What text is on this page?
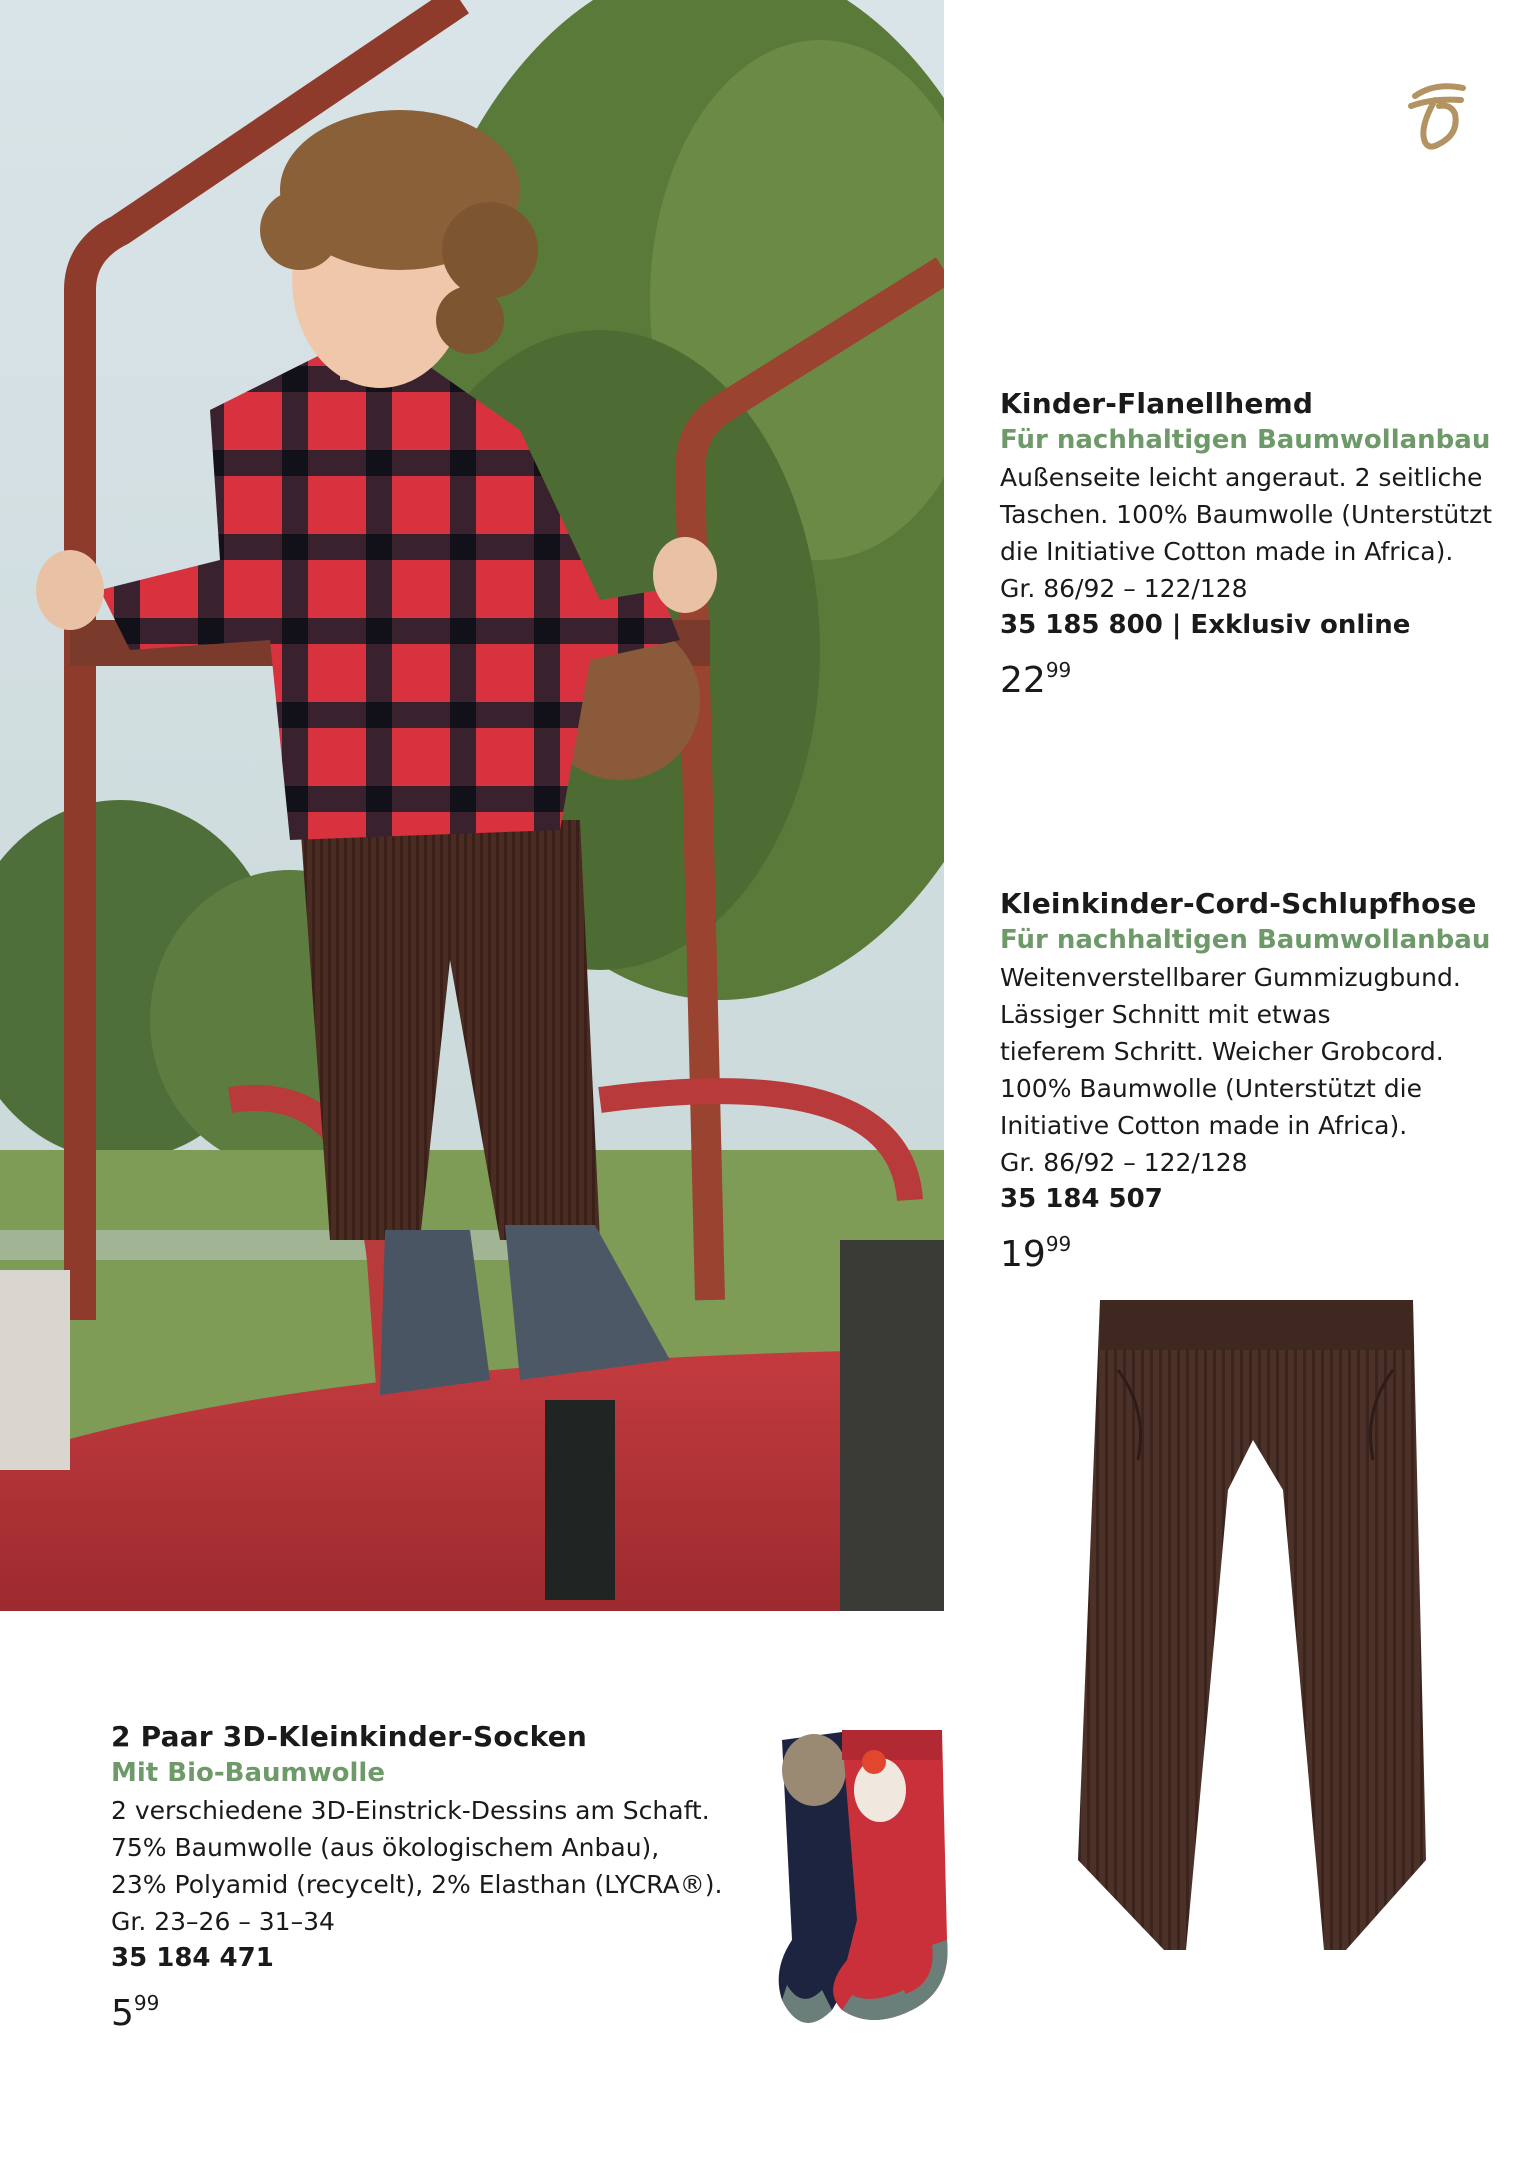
Kinder-Flanellhemd

Für nachhaltigen Baumwollanbau

Außenseite leicht angeraut. 2 seitliche
Taschen. 100% Baumwolle (Unterstützt
die Initiative Cotton made in Africa).

Gr. 86/92 – 122/128

35 185 800 | Exklusiv online

$22^{99}$

Kleinkinder-Cord-Schlupfhose

Für nachhaltigen Baumwollanbau

Weitenverstellbarer Gummizugbund.
Lässiger Schnitt mit etwas
tieferem Schritt. Weicher Grobcord.
100% Baumwolle (Unterstützt die
Initiative Cotton made in Africa).

Gr. 86/92 – 122/128

35 184 507

$19^{99}$

2 Paar 3D-Kleinkinder-Socken

Mit Bio-Baumwolle

2 verschiedene 3D-Einstrick-Dessins am Schaft.
75% Baumwolle (aus ökologischem Anbau),
23% Polyamid (recycelt), 2% Elasthan (LYCRA®).

Gr. 23–26 – 31–34

35 184 471

$5^{99}$
